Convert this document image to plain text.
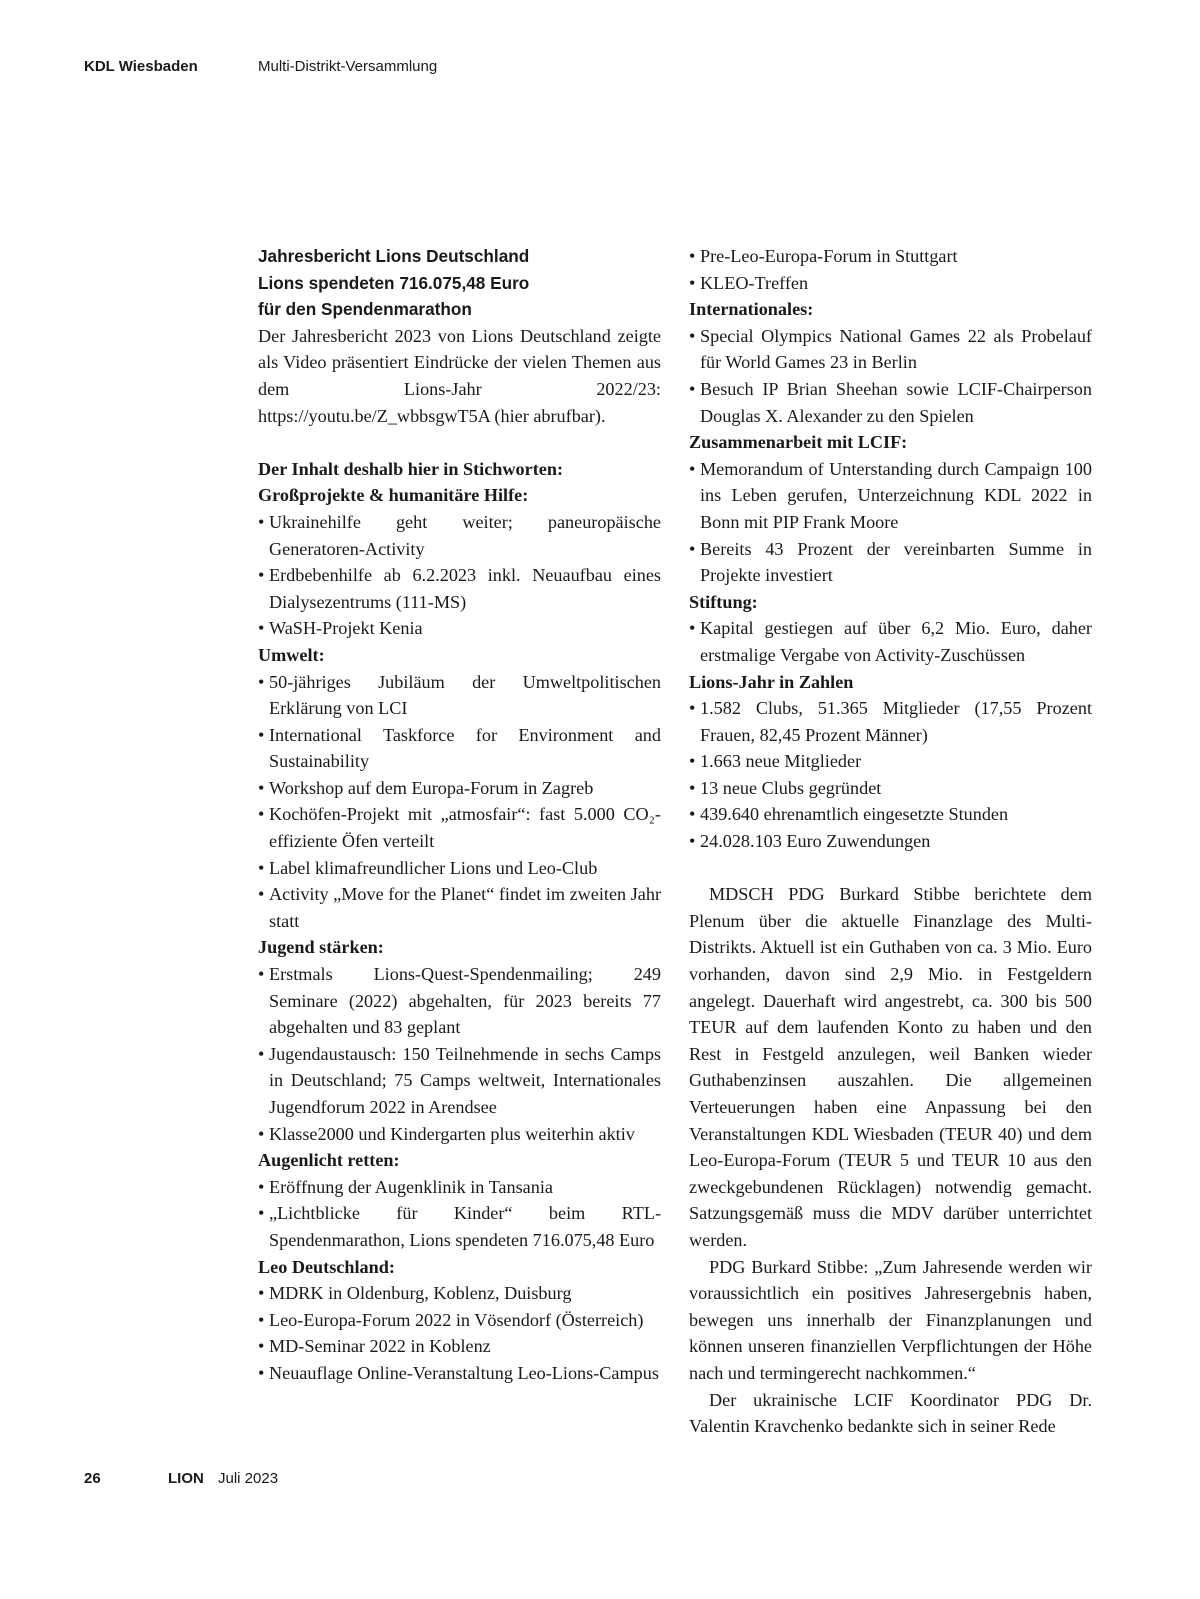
KDL Wiesbaden	Multi-Distrikt-Versammlung
Jahresbericht Lions Deutschland
Lions spendeten 716.075,48 Euro
für den Spendenmarathon

Der Jahresbericht 2023 von Lions Deutschland zeigte als Video präsentiert Eindrücke der vielen Themen aus dem Lions-Jahr 2022/23: https://youtu.be/Z_wbbsgwT5A (hier abrufbar).

Der Inhalt deshalb hier in Stichworten:
Großprojekte & humanitäre Hilfe:
• Ukrainehilfe geht weiter; paneuropäische Generatoren-Activity
• Erdbebenhilfe ab 6.2.2023 inkl. Neuaufbau eines Dialysezentrums (111-MS)
• WaSH-Projekt Kenia
Umwelt:
• 50-jähriges Jubiläum der Umweltpolitischen Erklärung von LCI
• International Taskforce for Environment and Sustainability
• Workshop auf dem Europa-Forum in Zagreb
• Kochöfen-Projekt mit „atmosfair“: fast 5.000 CO₂-effiziente Öfen verteilt
• Label klimafreundlicher Lions und Leo-Club
• Activity „Move for the Planet“ findet im zweiten Jahr statt
Jugend stärken:
• Erstmals Lions-Quest-Spendenmailing; 249 Seminare (2022) abgehalten, für 2023 bereits 77 abgehalten und 83 geplant
• Jugendaustausch: 150 Teilnehmende in sechs Camps in Deutschland; 75 Camps weltweit, Internationales Jugendforum 2022 in Arendsee
• Klasse2000 und Kindergarten plus weiterhin aktiv
Augenlicht retten:
• Eröffnung der Augenklinik in Tansania
• „Lichtblicke für Kinder“ beim RTL-Spendenmarathon, Lions spendeten 716.075,48 Euro
Leo Deutschland:
• MDRK in Oldenburg, Koblenz, Duisburg
• Leo-Europa-Forum 2022 in Vösendorf (Österreich)
• MD-Seminar 2022 in Koblenz
• Neuauflage Online-Veranstaltung Leo-Lions-Campus
• Pre-Leo-Europa-Forum in Stuttgart
• KLEO-Treffen
Internationales:
• Special Olympics National Games 22 als Probelauf für World Games 23 in Berlin
• Besuch IP Brian Sheehan sowie LCIF-Chairperson Douglas X. Alexander zu den Spielen
Zusammenarbeit mit LCIF:
• Memorandum of Unterstanding durch Campaign 100 ins Leben gerufen, Unterzeichnung KDL 2022 in Bonn mit PIP Frank Moore
• Bereits 43 Prozent der vereinbarten Summe in Projekte investiert
Stiftung:
• Kapital gestiegen auf über 6,2 Mio. Euro, daher erstmalige Vergabe von Activity-Zuschüssen
Lions-Jahr in Zahlen
• 1.582 Clubs, 51.365 Mitglieder (17,55 Prozent Frauen, 82,45 Prozent Männer)
• 1.663 neue Mitglieder
• 13 neue Clubs gegründet
• 439.640 ehrenamtlich eingesetzte Stunden
• 24.028.103 Euro Zuwendungen

MDSCH PDG Burkard Stibbe berichtete dem Plenum über die aktuelle Finanzlage des Multi-Distrikts. Aktuell ist ein Guthaben von ca. 3 Mio. Euro vorhanden, davon sind 2,9 Mio. in Festgeldern angelegt. Dauerhaft wird angestrebt, ca. 300 bis 500 TEUR auf dem laufenden Konto zu haben und den Rest in Festgeld anzulegen, weil Banken wieder Guthabenzinsen auszahlen. Die allgemeinen Verteuerungen haben eine Anpassung bei den Veranstaltungen KDL Wiesbaden (TEUR 40) und dem Leo-Europa-Forum (TEUR 5 und TEUR 10 aus den zweckgebundenen Rücklagen) notwendig gemacht. Satzungsgemäß muss die MDV darüber unterrichtet werden.

PDG Burkard Stibbe: „Zum Jahresende werden wir voraussichtlich ein positives Jahresergebnis haben, bewegen uns innerhalb der Finanzplanungen und können unseren finanziellen Verpflichtungen der Höhe nach und termingerecht nachkommen.“

Der ukrainische LCIF Koordinator PDG Dr. Valentin Kravchenko bedankte sich in seiner Rede

26	LION Juli 2023
